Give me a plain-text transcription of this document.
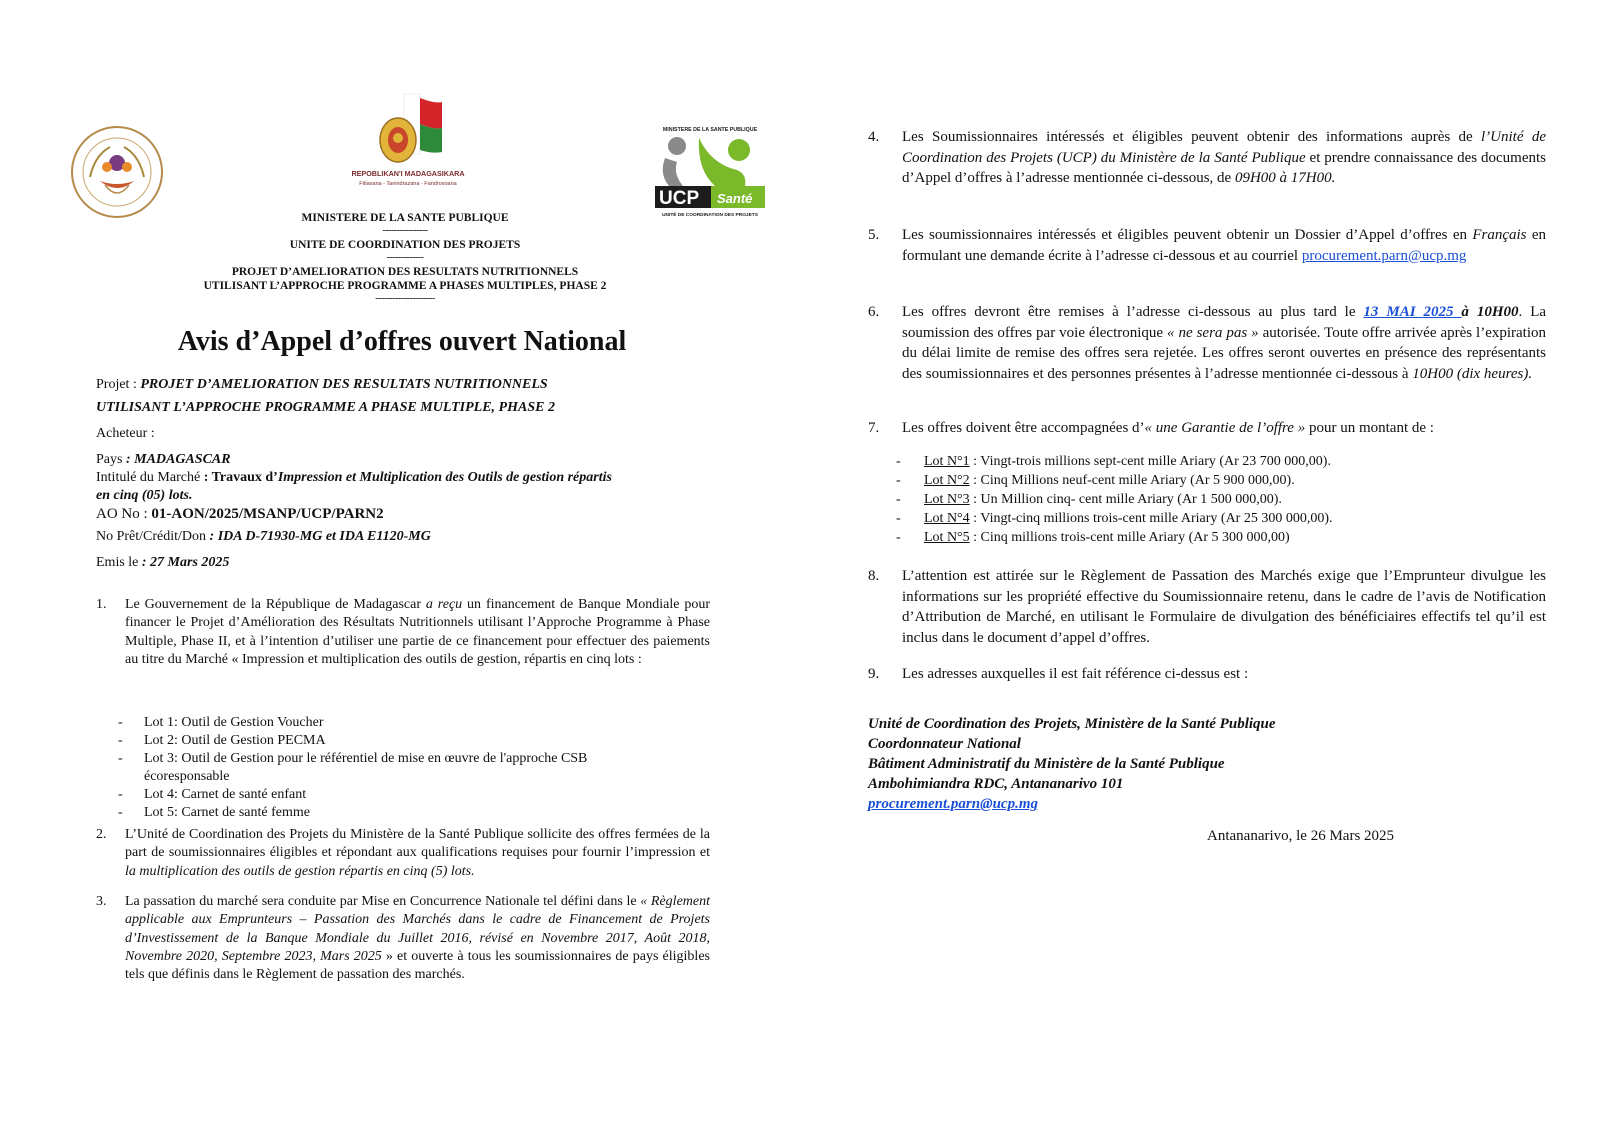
REPOBLIKAN'I MADAGASIKARA
Fitiavana - Tanindrazana - Fandrosoana
MINISTERE DE LA SANTE PUBLIQUE
UCP Santé
UNITÉ DE COORDINATION DES PROJETS
MINISTERE DE LA SANTE PUBLIQUE
----------------
UNITE DE COORDINATION DES PROJETS
-------------
PROJET D’AMELIORATION DES RESULTATS NUTRITIONNELS
UTILISANT L’APPROCHE PROGRAMME A PHASES MULTIPLES, PHASE 2
---------------------
Avis d’Appel d’offres ouvert National
Projet : PROJET D’AMELIORATION DES RESULTATS NUTRITIONNELS
UTILISANT L’APPROCHE PROGRAMME A PHASE MULTIPLE, PHASE 2
Acheteur :
Pays : MADAGASCAR
Intitulé du Marché : Travaux d’Impression et Multiplication des Outils de gestion répartis
en cinq (05) lots.
AO No : 01-AON/2025/MSANP/UCP/PARN2
No Prêt/Crédit/Don : IDA D-71930-MG et IDA E1120-MG
Emis le : 27 Mars 2025
1. Le Gouvernement de la République de Madagascar a reçu un financement de Banque Mondiale pour financer le Projet d’Amélioration des Résultats Nutritionnels utilisant l’Approche Programme à Phase Multiple, Phase II, et à l’intention d’utiliser une partie de ce financement pour effectuer des paiements au titre du Marché « Impression et multiplication des outils de gestion, répartis en cinq lots :
- Lot 1: Outil de Gestion Voucher
- Lot 2: Outil de Gestion PECMA
- Lot 3: Outil de Gestion pour le référentiel de mise en œuvre de l'approche CSB
écoresponsable
- Lot 4: Carnet de santé enfant
- Lot 5: Carnet de santé femme
2. L’Unité de Coordination des Projets du Ministère de la Santé Publique sollicite des offres fermées de la part de soumissionnaires éligibles et répondant aux qualifications requises pour fournir l’impression et la multiplication des outils de gestion répartis en cinq (5) lots.
3. La passation du marché sera conduite par Mise en Concurrence Nationale tel défini dans le « Règlement applicable aux Emprunteurs – Passation des Marchés dans le cadre de Financement de Projets d’Investissement de la Banque Mondiale du Juillet 2016, révisé en Novembre 2017, Août 2018, Novembre 2020, Septembre 2023, Mars 2025 » et ouverte à tous les soumissionnaires de pays éligibles tels que définis dans le Règlement de passation des marchés.
4. Les Soumissionnaires intéressés et éligibles peuvent obtenir des informations auprès de l’Unité de Coordination des Projets (UCP) du Ministère de la Santé Publique et prendre connaissance des documents d’Appel d’offres à l’adresse mentionnée ci-dessous, de 09H00 à 17H00.
5. Les soumissionnaires intéressés et éligibles peuvent obtenir un Dossier d’Appel d’offres en Français en formulant une demande écrite à l’adresse ci-dessous et au courriel procurement.parn@ucp.mg
6. Les offres devront être remises à l’adresse ci-dessous au plus tard le 13 MAI 2025 à 10H00. La soumission des offres par voie électronique « ne sera pas » autorisée. Toute offre arrivée après l’expiration du délai limite de remise des offres sera rejetée. Les offres seront ouvertes en présence des représentants des soumissionnaires et des personnes présentes à l’adresse mentionnée ci-dessous à 10H00 (dix heures).
7. Les offres doivent être accompagnées d’« une Garantie de l’offre » pour un montant de :
- Lot N°1 : Vingt-trois millions sept-cent mille Ariary (Ar 23 700 000,00).
- Lot N°2 : Cinq Millions neuf-cent mille Ariary (Ar 5 900 000,00).
- Lot N°3 : Un Million cinq- cent mille Ariary (Ar 1 500 000,00).
- Lot N°4 : Vingt-cinq millions trois-cent mille Ariary (Ar 25 300 000,00).
- Lot N°5 : Cinq millions trois-cent mille Ariary (Ar 5 300 000,00)
8. L’attention est attirée sur le Règlement de Passation des Marchés exige que l’Emprunteur divulgue les informations sur les propriété effective du Soumissionnaire retenu, dans le cadre de l’avis de Notification d’Attribution de Marché, en utilisant le Formulaire de divulgation des bénéficiaires effectifs tel qu’il est inclus dans le document d’appel d’offres.
9. Les adresses auxquelles il est fait référence ci-dessus est :
Unité de Coordination des Projets, Ministère de la Santé Publique
Coordonnateur National
Bâtiment Administratif du Ministère de la Santé Publique
Ambohimiandra RDC, Antananarivo 101
procurement.parn@ucp.mg
Antananarivo, le 26 Mars 2025
